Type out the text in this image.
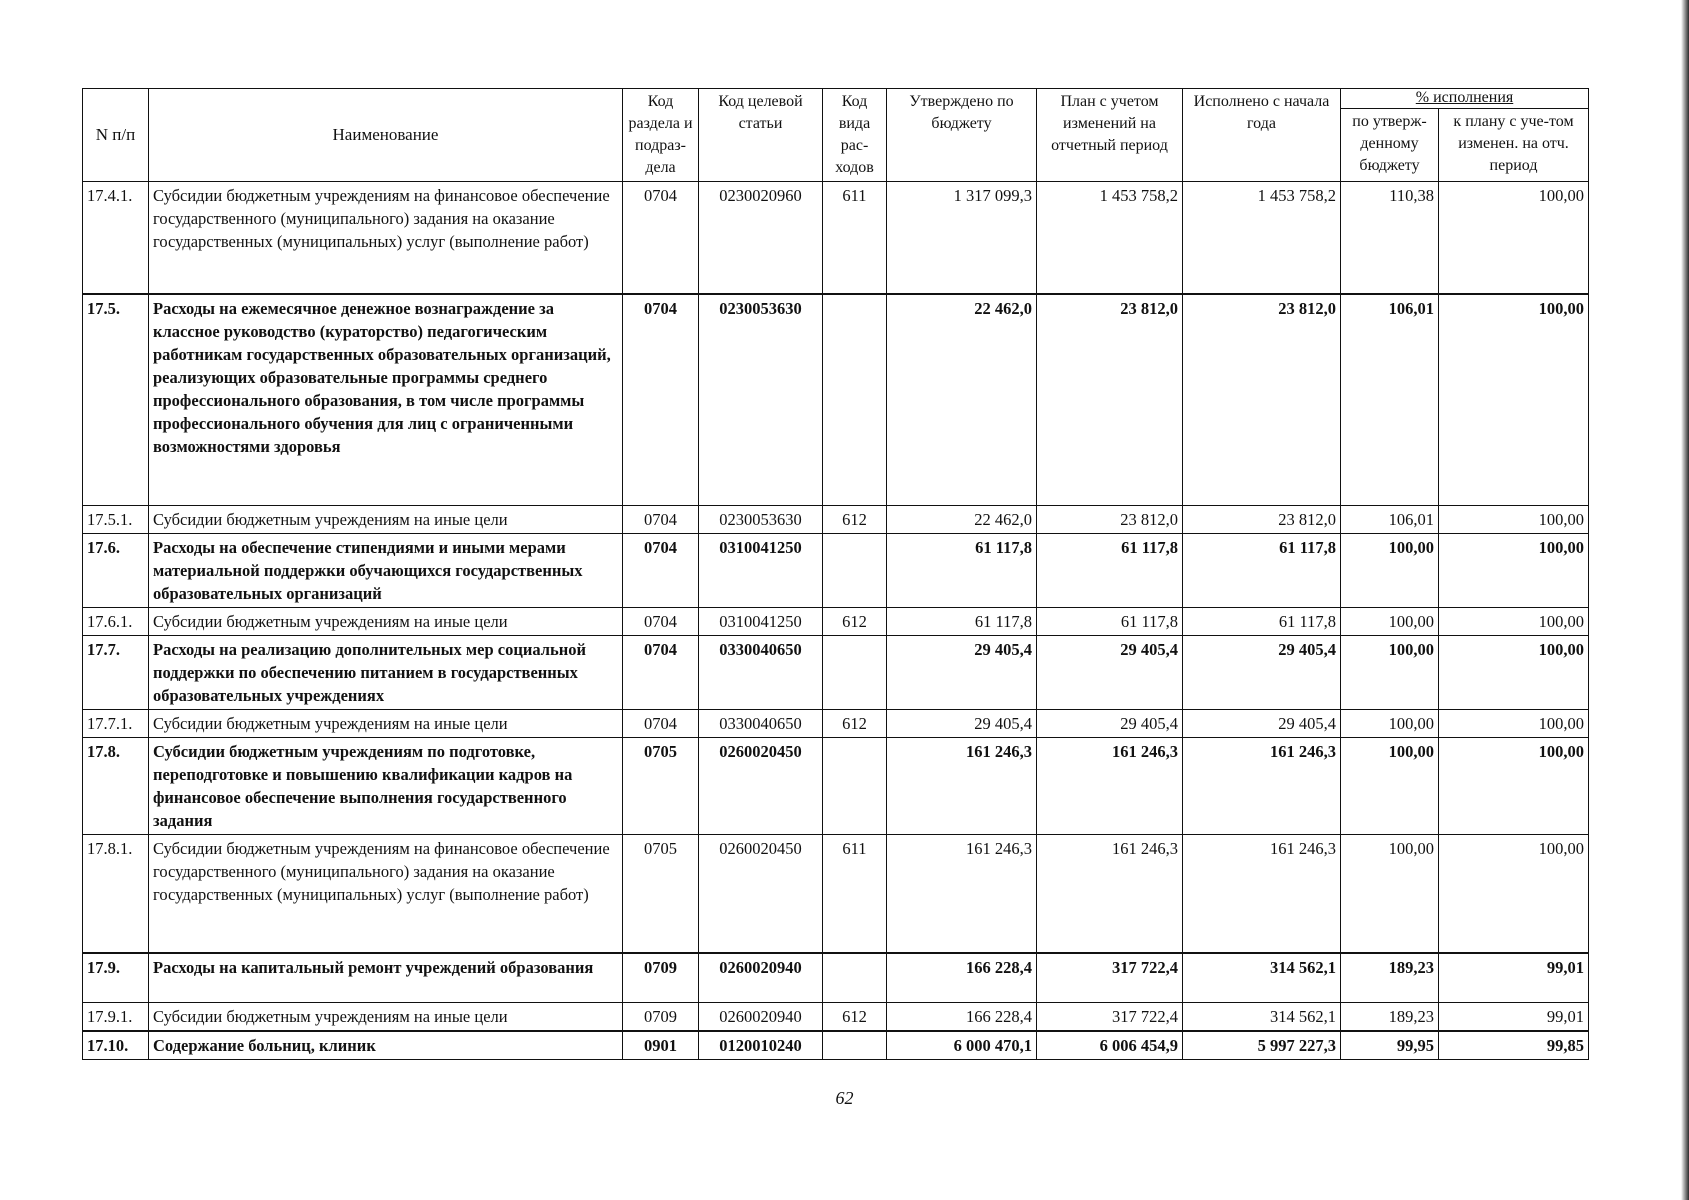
N п/п	Наименование	Код раздела и подраз-дела	Код целевой статьи	Код вида рас-ходов	Утверждено по бюджету	План с учетом изменений на отчетный период	Исполнено с начала года	% исполнения	
								по утверж-денному бюджету	к плану с уче-том изменен. на отч. период
17.4.1.	Субсидии бюджетным учреждениям на финансовое обеспечение государственного (муниципального) задания на оказание государственных (муниципальных) услуг (выполнение работ)	0704	0230020960	611	1 317 099,3	1 453 758,2	1 453 758,2	110,38	100,00
17.5.	Расходы на ежемесячное денежное вознаграждение за классное руководство (кураторство) педагогическим работникам государственных образовательных организаций, реализующих образовательные программы среднего профессионального образования, в том числе программы профессионального обучения для лиц с ограниченными возможностями здоровья	0704	0230053630		22 462,0	23 812,0	23 812,0	106,01	100,00
17.5.1.	Субсидии бюджетным учреждениям на иные цели	0704	0230053630	612	22 462,0	23 812,0	23 812,0	106,01	100,00
17.6.	Расходы на обеспечение стипендиями и иными мерами материальной поддержки обучающихся государственных образовательных организаций	0704	0310041250		61 117,8	61 117,8	61 117,8	100,00	100,00
17.6.1.	Субсидии бюджетным учреждениям на иные цели	0704	0310041250	612	61 117,8	61 117,8	61 117,8	100,00	100,00
17.7.	Расходы на реализацию дополнительных мер социальной поддержки по обеспечению питанием в государственных образовательных учреждениях	0704	0330040650		29 405,4	29 405,4	29 405,4	100,00	100,00
17.7.1.	Субсидии бюджетным учреждениям на иные цели	0704	0330040650	612	29 405,4	29 405,4	29 405,4	100,00	100,00
17.8.	Субсидии бюджетным учреждениям по подготовке, переподготовке и повышению квалификации кадров на финансовое обеспечение выполнения государственного задания	0705	0260020450		161 246,3	161 246,3	161 246,3	100,00	100,00
17.8.1.	Субсидии бюджетным учреждениям на финансовое обеспечение государственного (муниципального) задания на оказание государственных (муниципальных) услуг (выполнение работ)	0705	0260020450	611	161 246,3	161 246,3	161 246,3	100,00	100,00
17.9.	Расходы на капитальный ремонт учреждений образования	0709	0260020940		166 228,4	317 722,4	314 562,1	189,23	99,01
17.9.1.	Субсидии бюджетным учреждениям на иные цели	0709	0260020940	612	166 228,4	317 722,4	314 562,1	189,23	99,01
17.10.	Содержание больниц, клиник	0901	0120010240		6 000 470,1	6 006 454,9	5 997 227,3	99,95	99,85
62
